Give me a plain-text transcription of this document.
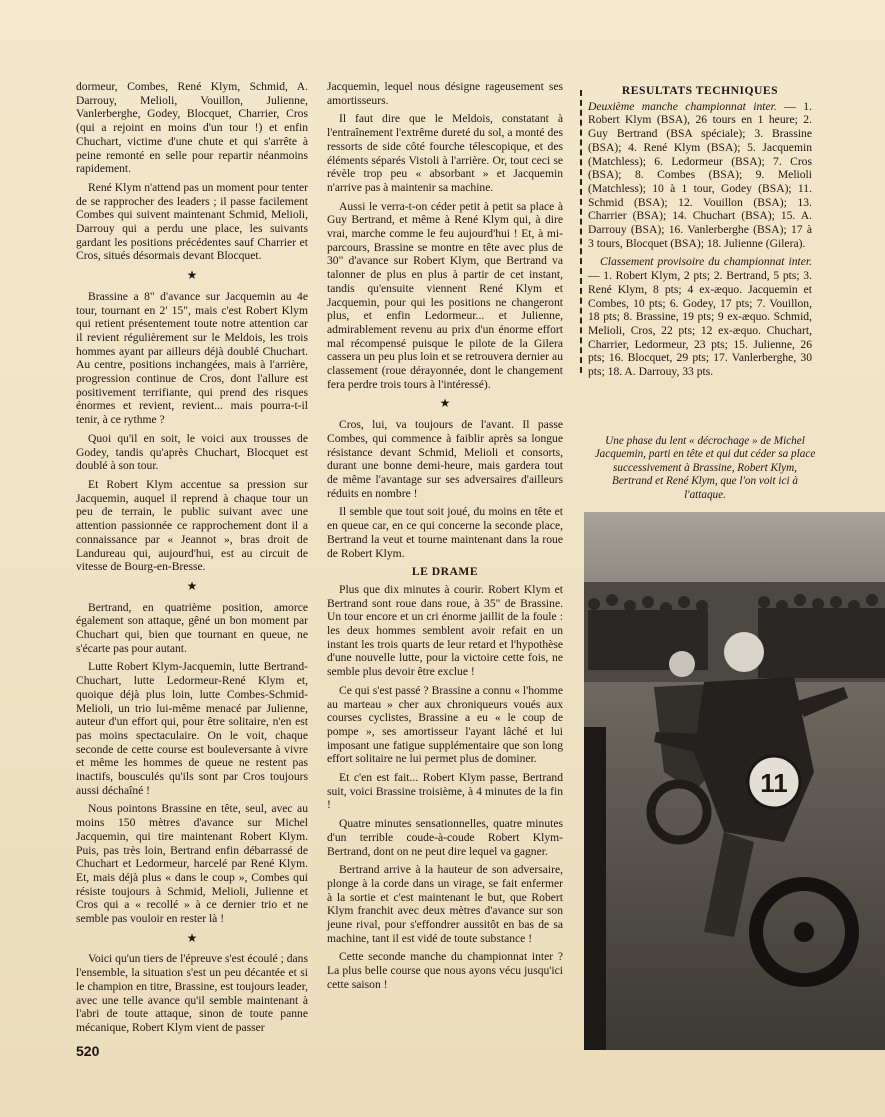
dormeur, Combes, René Klym, Schmid, A. Darrouy, Melioli, Vouillon, Julienne, Vanlerberghe, Godey, Blocquet, Charrier, Cros (qui a rejoint en moins d'un tour !) et enfin Chuchart, victime d'une chute et qui s'arrête à peine remonté en selle pour repartir néanmoins rapidement.

René Klym n'attend pas un moment pour tenter de se rapprocher des leaders ; il passe facilement Combes qui suivent maintenant Schmid, Melioli, Darrouy qui a perdu une place, les suivants gardant les positions précédentes sauf Charrier et Cros, situés désormais devant Blocquet.

★

Brassine a 8" d'avance sur Jacquemin au 4e tour, tournant en 2' 15", mais c'est Robert Klym qui retient présentement toute notre attention car il revient régulièrement sur le Meldois, les trois hommes ayant par ailleurs déjà doublé Chuchart. Au centre, positions inchangées, mais à l'arrière, progression continue de Cros, dont l'allure est positivement terrifiante, qui prend des risques énormes et revient, revient... mais pourra-t-il tenir, à ce rythme ?

Quoi qu'il en soit, le voici aux trousses de Godey, tandis qu'après Chuchart, Blocquet est doublé à son tour.

Et Robert Klym accentue sa pression sur Jacquemin, auquel il reprend à chaque tour un peu de terrain, le public suivant avec une attention passionnée ce rapprochement dont il a connaissance par « Jeannot », bras droit de Landureau qui, aujourd'hui, est au circuit de vitesse de Bourg-en-Bresse.

★

Bertrand, en quatrième position, amorce également son attaque, gêné un bon moment par Chuchart qui, bien que tournant en queue, ne s'écarte pas pour autant.

Lutte Robert Klym-Jacquemin, lutte Bertrand-Chuchart, lutte Ledormeur-René Klym et, quoique déjà plus loin, lutte Combes-Schmid-Melioli, un trio lui-même menacé par Julienne, auteur d'un effort qui, pour être solitaire, n'en est pas moins spectaculaire. On le voit, chaque seconde de cette course est bouleversante à vivre et même les hommes de queue ne restent pas inactifs, bousculés qu'ils sont par Cros toujours aussi déchaîné !

Nous pointons Brassine en tête, seul, avec au moins 150 mètres d'avance sur Michel Jacquemin, qui tire maintenant Robert Klym. Puis, pas très loin, Bertrand enfin débarrassé de Chuchart et Ledormeur, harcelé par René Klym. Et, mais déjà plus « dans le coup », Combes qui résiste toujours à Schmid, Melioli, Julienne et Cros qui a « recollé » à ce dernier trio et ne semble pas vouloir en rester là !

★

Voici qu'un tiers de l'épreuve s'est écoulé ; dans l'ensemble, la situation s'est un peu décantée et si le champion en titre, Brassine, est toujours leader, avec une telle avance qu'il semble maintenant à l'abri de toute attaque, sinon de toute panne mécanique, Robert Klym vient de passer

Jacquemin, lequel nous désigne rageusement ses amortisseurs.

Il faut dire que le Meldois, constatant à l'entraînement l'extrême dureté du sol, a monté des ressorts de side côté fourche télescopique, et des éléments séparés Vistoli à l'arrière. Or, tout ceci se révèle trop peu « absorbant » et Jacquemin n'arrive pas à maintenir sa machine.

Aussi le verra-t-on céder petit à petit sa place à Guy Bertrand, et même à René Klym qui, à dire vrai, marche comme le feu aujourd'hui ! Et, à mi-parcours, Brassine se montre en tête avec plus de 30" d'avance sur Robert Klym, que Bertrand va talonner de plus en plus à partir de cet instant, tandis qu'ensuite viennent René Klym et Jacquemin, pour qui les positions ne changeront plus, et enfin Ledormeur... et Julienne, admirablement revenu au prix d'un énorme effort mal récompensé puisque le pilote de la Gilera cassera un peu plus loin et se retrouvera dernier au classement (roue dérayonnée, dont le changement fera perdre trois tours à l'intéressé).

★

Cros, lui, va toujours de l'avant. Il passe Combes, qui commence à faiblir après sa longue résistance devant Schmid, Melioli et consorts, durant une bonne demi-heure, mais gardera tout de même l'avantage sur ses adversaires d'ailleurs réduits en nombre !

Il semble que tout soit joué, du moins en tête et en queue car, en ce qui concerne la seconde place, Bertrand la veut et tourne maintenant dans la roue de Robert Klym.

LE DRAME

Plus que dix minutes à courir. Robert Klym et Bertrand sont roue dans roue, à 35" de Brassine. Un tour encore et un cri énorme jaillit de la foule : les deux hommes semblent avoir refait en un instant les trois quarts de leur retard et l'hypothèse d'une nouvelle lutte, pour la victoire cette fois, ne semble plus devoir être exclue !

Ce qui s'est passé ? Brassine a connu « l'homme au marteau » cher aux chroniqueurs voués aux courses cyclistes, Brassine a eu « le coup de pompe », ses amortisseur l'ayant lâché et lui imposant une fatigue supplémentaire que son long effort solitaire ne lui permet plus de dominer.

Et c'en est fait... Robert Klym passe, Bertrand suit, voici Brassine troisième, à 4 minutes de la fin !

Quatre minutes sensationnelles, quatre minutes d'un terrible coude-à-coude Robert Klym-Bertrand, dont on ne peut dire lequel va gagner.

Bertrand arrive à la hauteur de son adversaire, plonge à la corde dans un virage, se fait enfermer à la sortie et c'est maintenant le but, que Robert Klym franchit avec deux mètres d'avance sur son jeune rival, pour s'effondrer aussitôt en bas de sa machine, tant il est vidé de toute substance !

Cette seconde manche du championnat inter ? La plus belle course que nous ayons vécu jusqu'ici cette saison !

RESULTATS TECHNIQUES

Deuxième manche championnat inter. — 1. Robert Klym (BSA), 26 tours en 1 heure; 2. Guy Bertrand (BSA spéciale); 3. Brassine (BSA); 4. René Klym (BSA); 5. Jacquemin (Matchless); 6. Ledormeur (BSA); 7. Cros (BSA); 8. Combes (BSA); 9. Melioli (Matchless); 10 à 1 tour, Godey (BSA); 11. Schmid (BSA); 12. Vouillon (BSA); 13. Charrier (BSA); 14. Chuchart (BSA); 15. A. Darrouy (BSA); 16. Vanlerberghe (BSA); 17 à 3 tours, Blocquet (BSA); 18. Julienne (Gilera).

Classement provisoire du championnat inter. — 1. Robert Klym, 2 pts; 2. Bertrand, 5 pts; 3. René Klym, 8 pts; 4 ex-æquo. Jacquemin et Combes, 10 pts; 6. Godey, 17 pts; 7. Vouillon, 18 pts; 8. Brassine, 19 pts; 9 ex-æquo. Schmid, Melioli, Cros, 22 pts; 12 ex-æquo. Chuchart, Charrier, Ledormeur, 23 pts; 15. Julienne, 26 pts; 16. Blocquet, 29 pts; 17. Vanlerberghe, 30 pts; 18. A. Darrouy, 33 pts.

Une phase du lent « décrochage » de Michel Jacquemin, parti en tête et qui dut céder sa place successivement à Brassine, Robert Klym, Bertrand et René Klym, que l'on voit ici à l'attaque.
11
520
